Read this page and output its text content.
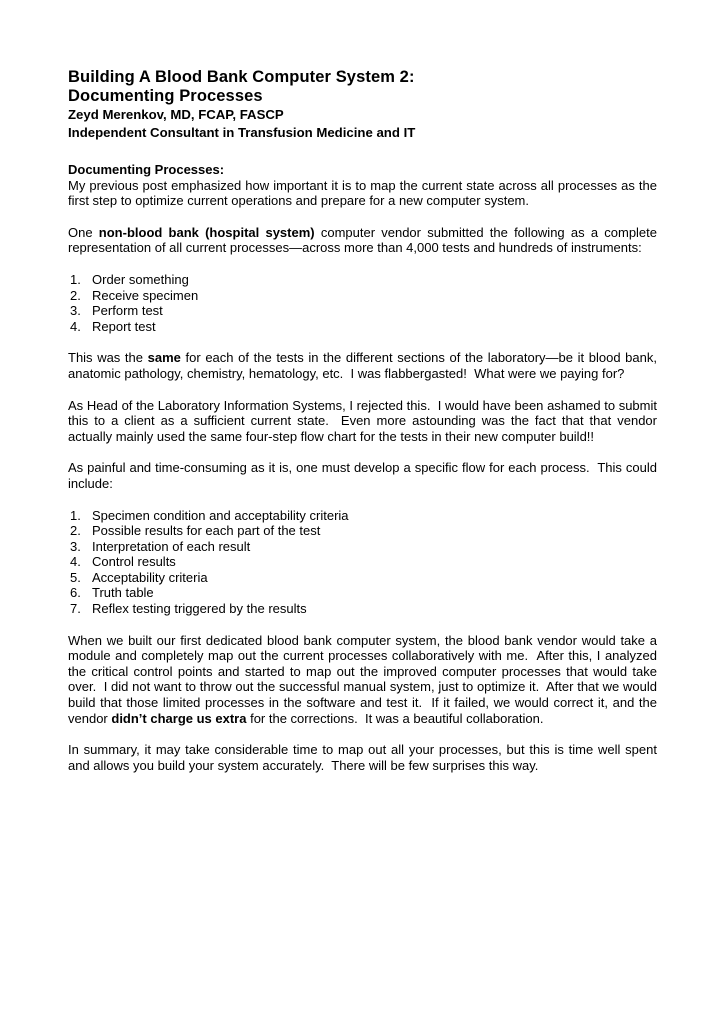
Building A Blood Bank Computer System 2:
Documenting Processes
Zeyd Merenkov, MD, FCAP, FASCP
Independent Consultant in Transfusion Medicine and IT
Documenting Processes:

My previous post emphasized how important it is to map the current state across all processes as the first step to optimize current operations and prepare for a new computer system.

One non-blood bank (hospital system) computer vendor submitted the following as a complete representation of all current processes—across more than 4,000 tests and hundreds of instruments:

1. Order something
2. Receive specimen
3. Perform test
4. Report test

This was the same for each of the tests in the different sections of the laboratory—be it blood bank, anatomic pathology, chemistry, hematology, etc.  I was flabbergasted!  What were we paying for?

As Head of the Laboratory Information Systems, I rejected this.  I would have been ashamed to submit this to a client as a sufficient current state.  Even more astounding was the fact that that vendor actually mainly used the same four-step flow chart for the tests in their new computer build!!

As painful and time-consuming as it is, one must develop a specific flow for each process.  This could include:

1. Specimen condition and acceptability criteria
2. Possible results for each part of the test
3. Interpretation of each result
4. Control results
5. Acceptability criteria
6. Truth table
7. Reflex testing triggered by the results

When we built our first dedicated blood bank computer system, the blood bank vendor would take a module and completely map out the current processes collaboratively with me.  After this, I analyzed the critical control points and started to map out the improved computer processes that would take over.  I did not want to throw out the successful manual system, just to optimize it.  After that we would build that those limited processes in the software and test it.  If it failed, we would correct it, and the vendor didn’t charge us extra for the corrections.  It was a beautiful collaboration.

In summary, it may take considerable time to map out all your processes, but this is time well spent and allows you build your system accurately.  There will be few surprises this way.
